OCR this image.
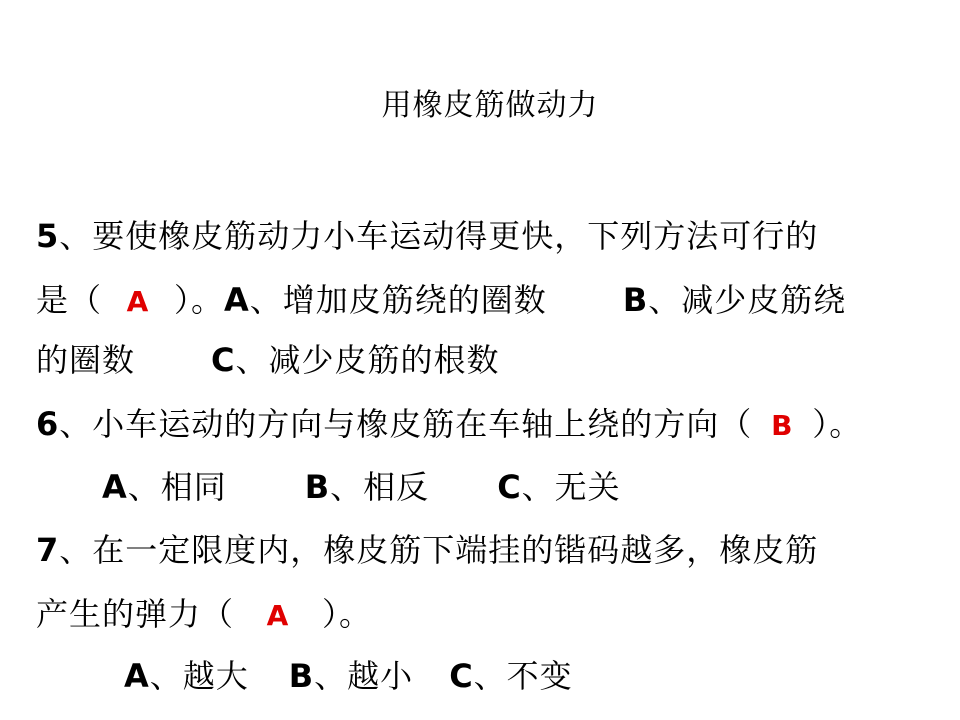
用橡皮筋做动力
5、要使橡皮筋动力小车运动得更快，下列方法可行的
是（ A ）。A、增加皮筋绕的圈数 B、减少皮筋绕
的圈数 C、减少皮筋的根数
6、小车运动的方向与橡皮筋在车轴上绕的方向（ B ）。
A、相同 B、相反 C、无关
7、在一定限度内，橡皮筋下端挂的锴码越多，橡皮筋
产生的弹力（ A ）。
A、越大 B、越小 C、不变
